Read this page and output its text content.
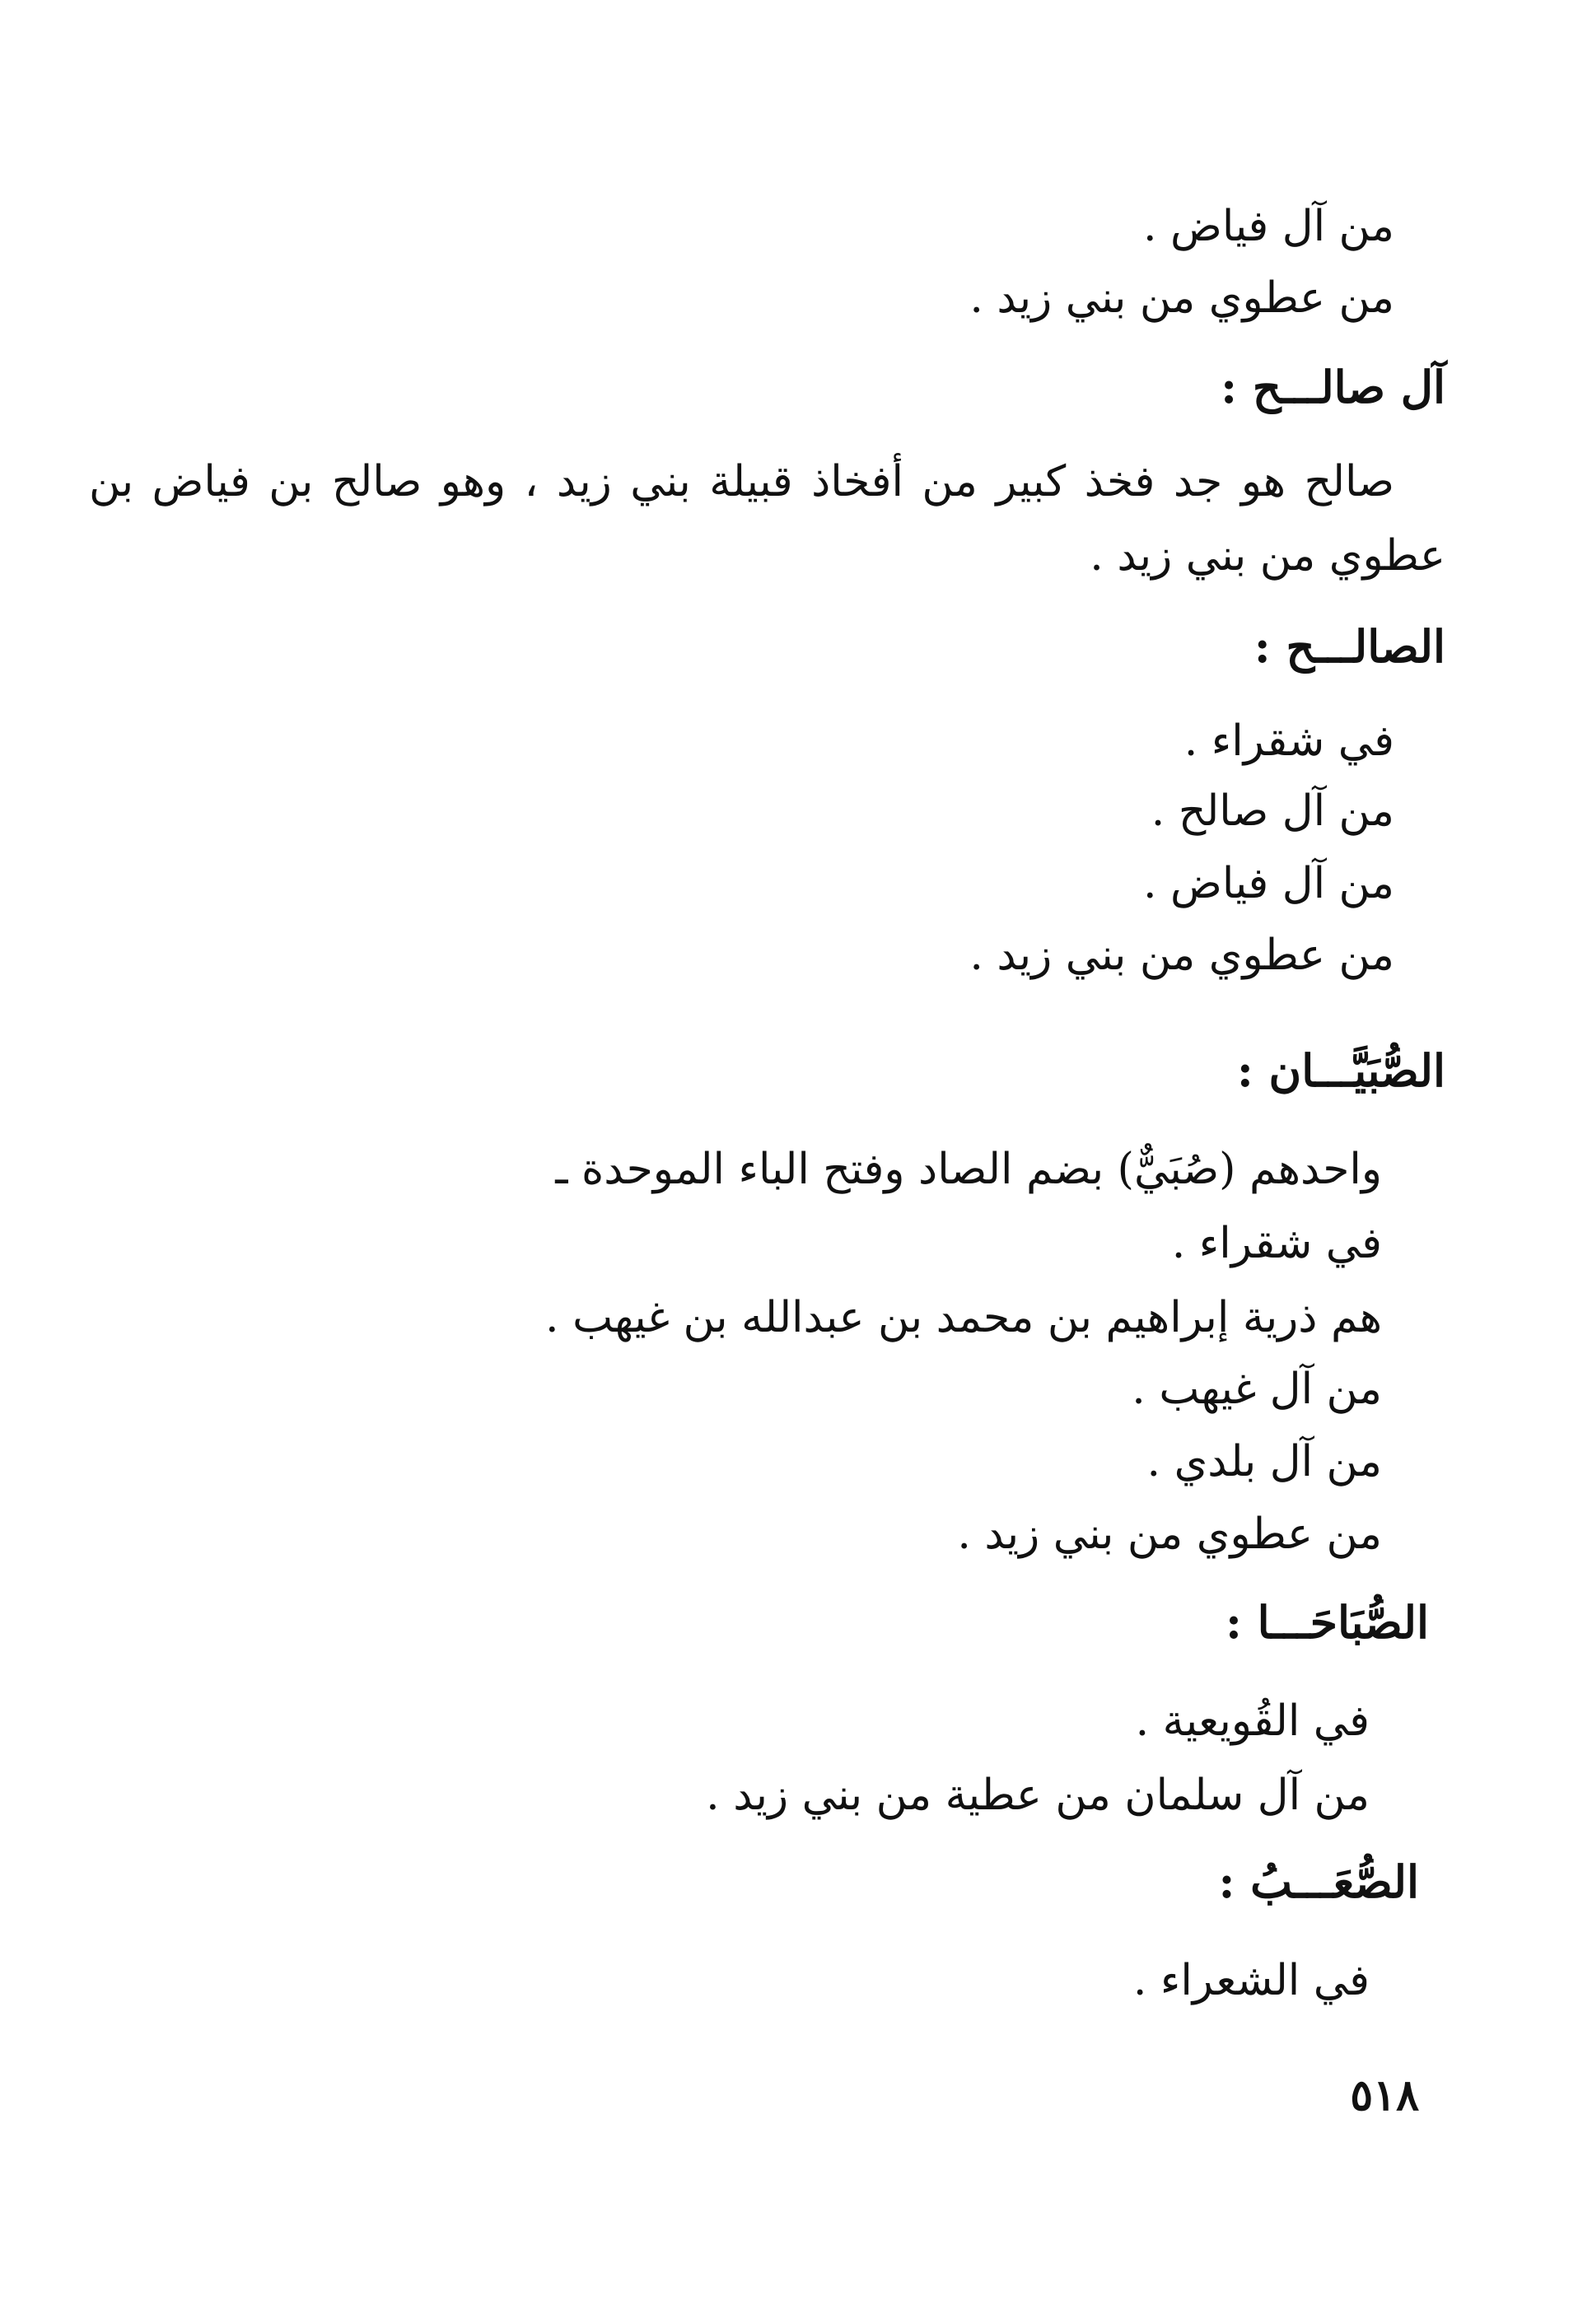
من آل فياض .
من عطوي من بني زيد .
آل صالـــح :
صالح هو جد فخذ كبير من أفخاذ قبيلة بني زيد ، وهو صالح بن فياض بن
عطوي من بني زيد .
الصالـــح :
في شقراء .
من آل صالح .
من آل فياض .
من عطوي من بني زيد .
الصُّبَيَّـــان :
واحدهم (صُبَيٌّ) بضم الصاد وفتح الباء الموحدة ـ
في شقراء .
هم ذرية إبراهيم بن محمد بن عبدالله بن غيهب .
من آل غيهب .
من آل بلدي .
من عطوي من بني زيد .
الصُّبَاحَـــا :
في القُويعية .
من آل سلمان من عطية من بني زيد .
الصُّعَـــبُ :
في الشعراء .
٥١٨
